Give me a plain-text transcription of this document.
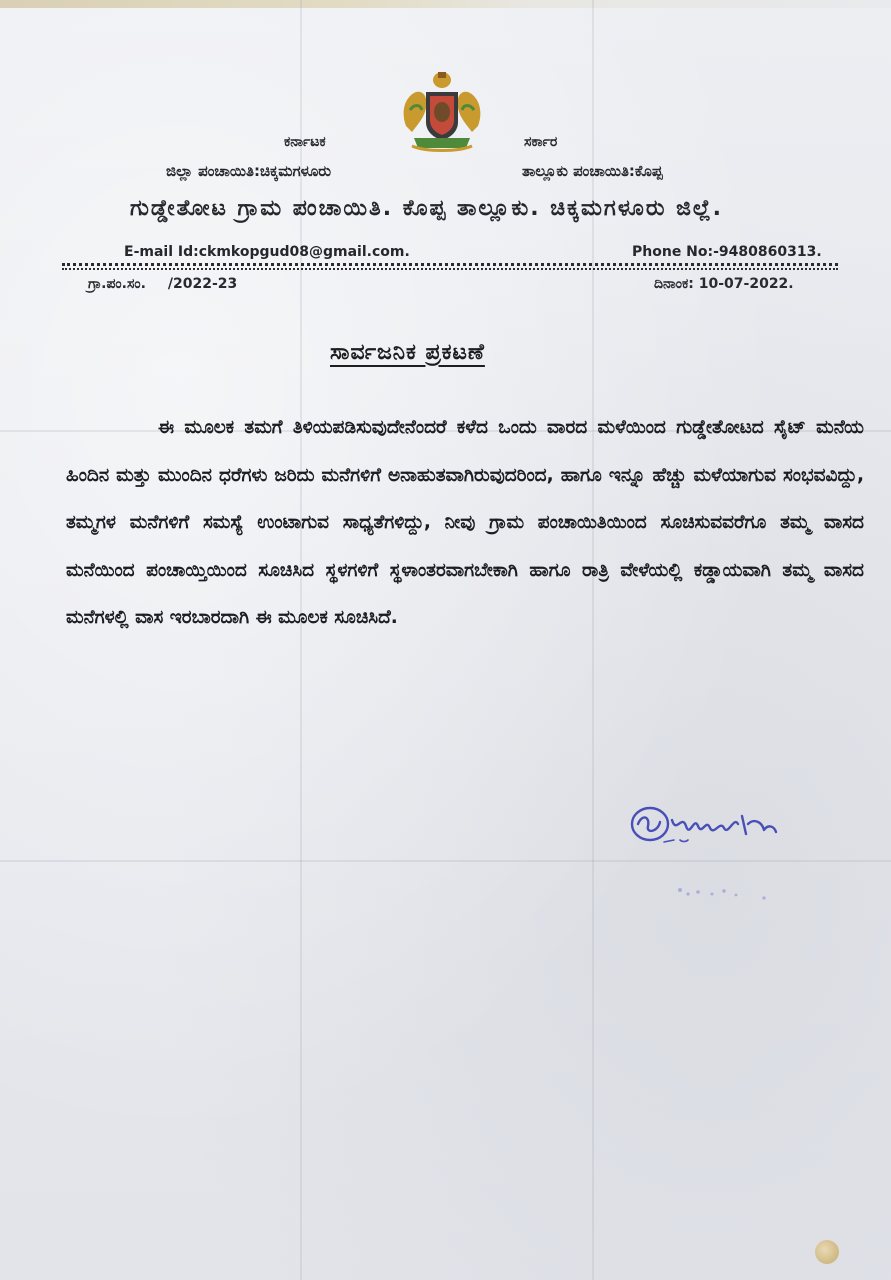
ಕರ್ನಾಟಕ	ಸರ್ಕಾರ
ಜಿಲ್ಲಾ ಪಂಚಾಯಿತಿ:ಚಿಕ್ಕಮಗಳೂರು	ತಾಲ್ಲೂಕು ಪಂಚಾಯಿತಿ:ಕೊಪ್ಪ
ಗುಡ್ಡೇತೋಟ ಗ್ರಾಮ ಪಂಚಾಯಿತಿ. ಕೊಪ್ಪ ತಾಲ್ಲೂಕು. ಚಿಕ್ಕಮಗಳೂರು ಜಿಲ್ಲೆ.
E-mail Id:ckmkopgud08@gmail.com.	Phone No:-9480860313.
ಗ್ರಾ.ಪಂ.ಸಂ. /2022-23	ದಿನಾಂಕ: 10-07-2022.
ಸಾರ್ವಜನಿಕ ಪ್ರಕಟಣೆ
ಈ ಮೂಲಕ ತಮಗೆ ತಿಳಿಯಪಡಿಸುವುದೇನೆಂದರೆ ಕಳೆದ ಒಂದು ವಾರದ ಮಳೆಯಿಂದ ಗುಡ್ಡೇತೋಟದ ಸೈಟ್ ಮನೆಯ ಹಿಂದಿನ ಮತ್ತು ಮುಂದಿನ ಧರೆಗಳು ಜರಿದು ಮನೆಗಳಿಗೆ ಅನಾಹುತವಾಗಿರುವುದರಿಂದ, ಹಾಗೂ ಇನ್ನೂ ಹೆಚ್ಚು ಮಳೆಯಾಗುವ ಸಂಭವವಿದ್ದು, ತಮ್ಮಗಳ ಮನೆಗಳಿಗೆ ಸಮಸ್ಯೆ ಉಂಟಾಗುವ ಸಾಧ್ಯತೆಗಳಿದ್ದು, ನೀವು ಗ್ರಾಮ ಪಂಚಾಯಿತಿಯಿಂದ ಸೂಚಿಸುವವರೆಗೂ ತಮ್ಮ ವಾಸದ ಮನೆಯಿಂದ ಪಂಚಾಯ್ತಿಯಿಂದ ಸೂಚಿಸಿದ ಸ್ಥಳಗಳಿಗೆ ಸ್ಥಳಾಂತರವಾಗಬೇಕಾಗಿ ಹಾಗೂ ರಾತ್ರಿ ವೇಳೆಯಲ್ಲಿ ಕಡ್ಡಾಯವಾಗಿ ತಮ್ಮ ವಾಸದ ಮನೆಗಳಲ್ಲಿ ವಾಸ ಇರಬಾರದಾಗಿ ಈ ಮೂಲಕ ಸೂಚಿಸಿದೆ.
